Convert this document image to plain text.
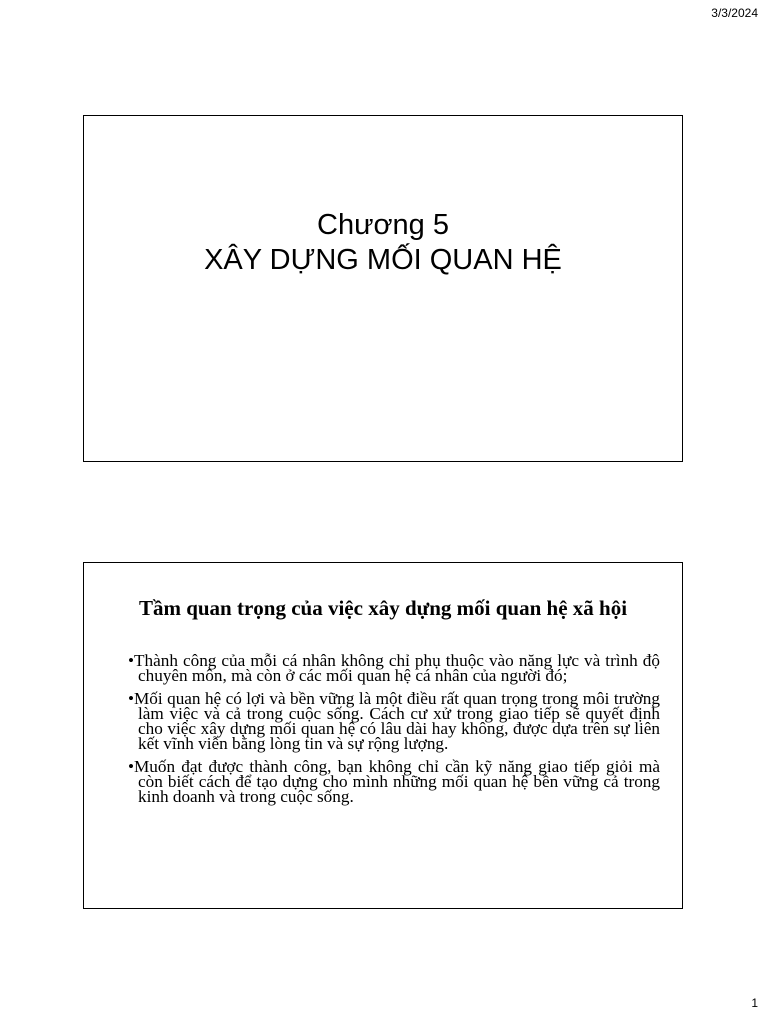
3/3/2024
Chương 5
XÂY DỰNG MỐI QUAN HỆ
Tầm quan trọng của việc xây dựng mối quan hệ xã hội
•Thành công của mỗi cá nhân không chỉ phụ thuộc vào năng lực và trình độ chuyên môn, mà còn ở các mối quan hệ cá nhân của người đó;
•Mối quan hệ có lợi và bền vững là một điều rất quan trọng trong môi trường làm việc và cả trong cuộc sống. Cách cư xử trong giao tiếp sẽ quyết định cho việc xây dựng mối quan hệ có lâu dài hay không, được dựa trên sự liên kết vĩnh viễn bằng lòng tin và sự rộng lượng.
•Muốn đạt được thành công, bạn không chỉ cần kỹ năng giao tiếp giỏi mà còn biết cách để tạo dựng cho mình những mối quan hệ bền vững cả trong kinh doanh và trong cuộc sống.
1
